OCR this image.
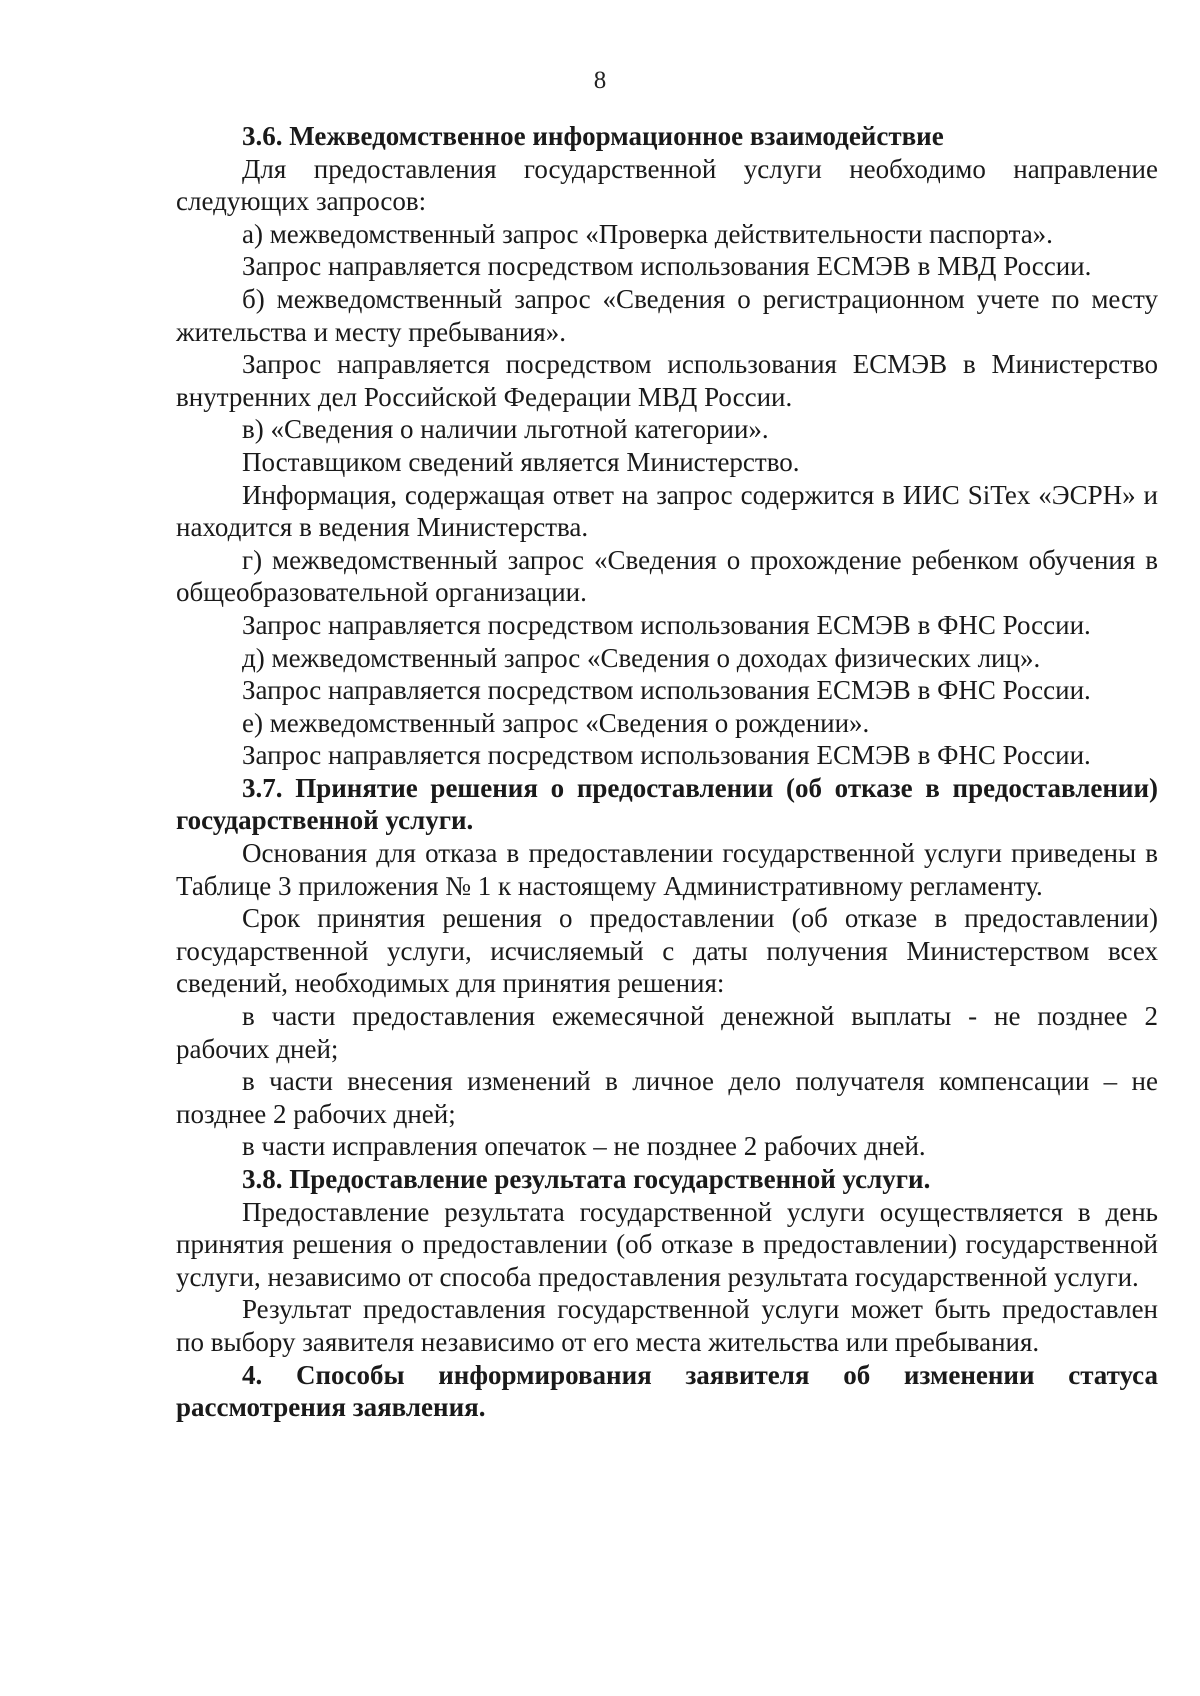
8

3.6. Межведомственное информационное взаимодействие

Для предоставления государственной услуги необходимо направление следующих запросов:

а) межведомственный запрос «Проверка действительности паспорта».

Запрос направляется посредством использования ЕСМЭВ в МВД России.

б) межведомственный запрос «Сведения о регистрационном учете по месту жительства и месту пребывания».

Запрос направляется посредством использования ЕСМЭВ в Министерство внутренних дел Российской Федерации МВД России.

в) «Сведения о наличии льготной категории».

Поставщиком сведений является Министерство.

Информация, содержащая ответ на запрос содержится в ИИС SiTex «ЭСРН» и находится в ведения Министерства.

г) межведомственный запрос «Сведения о прохождение ребенком обучения в общеобразовательной организации.

Запрос направляется посредством использования ЕСМЭВ в ФНС России.

д) межведомственный запрос «Сведения о доходах физических лиц».

Запрос направляется посредством использования ЕСМЭВ в ФНС России.

е) межведомственный запрос «Сведения о рождении».

Запрос направляется посредством использования ЕСМЭВ в ФНС России.

3.7. Принятие решения о предоставлении (об отказе в предоставлении) государственной услуги.

Основания для отказа в предоставлении государственной услуги приведены в Таблице 3 приложения № 1 к настоящему Административному регламенту.

Срок принятия решения о предоставлении (об отказе в предоставлении) государственной услуги, исчисляемый с даты получения Министерством всех сведений, необходимых для принятия решения:

в части предоставления ежемесячной денежной выплаты - не позднее 2 рабочих дней;

в части внесения изменений в личное дело получателя компенсации – не позднее 2 рабочих дней;

в части исправления опечаток – не позднее 2 рабочих дней.

3.8. Предоставление результата государственной услуги.

Предоставление результата государственной услуги осуществляется в день принятия решения о предоставлении (об отказе в предоставлении) государственной услуги, независимо от способа предоставления результата государственной услуги.

Результат предоставления государственной услуги может быть предоставлен по выбору заявителя независимо от его места жительства или пребывания.

4. Способы информирования заявителя об изменении статуса рассмотрения заявления.
